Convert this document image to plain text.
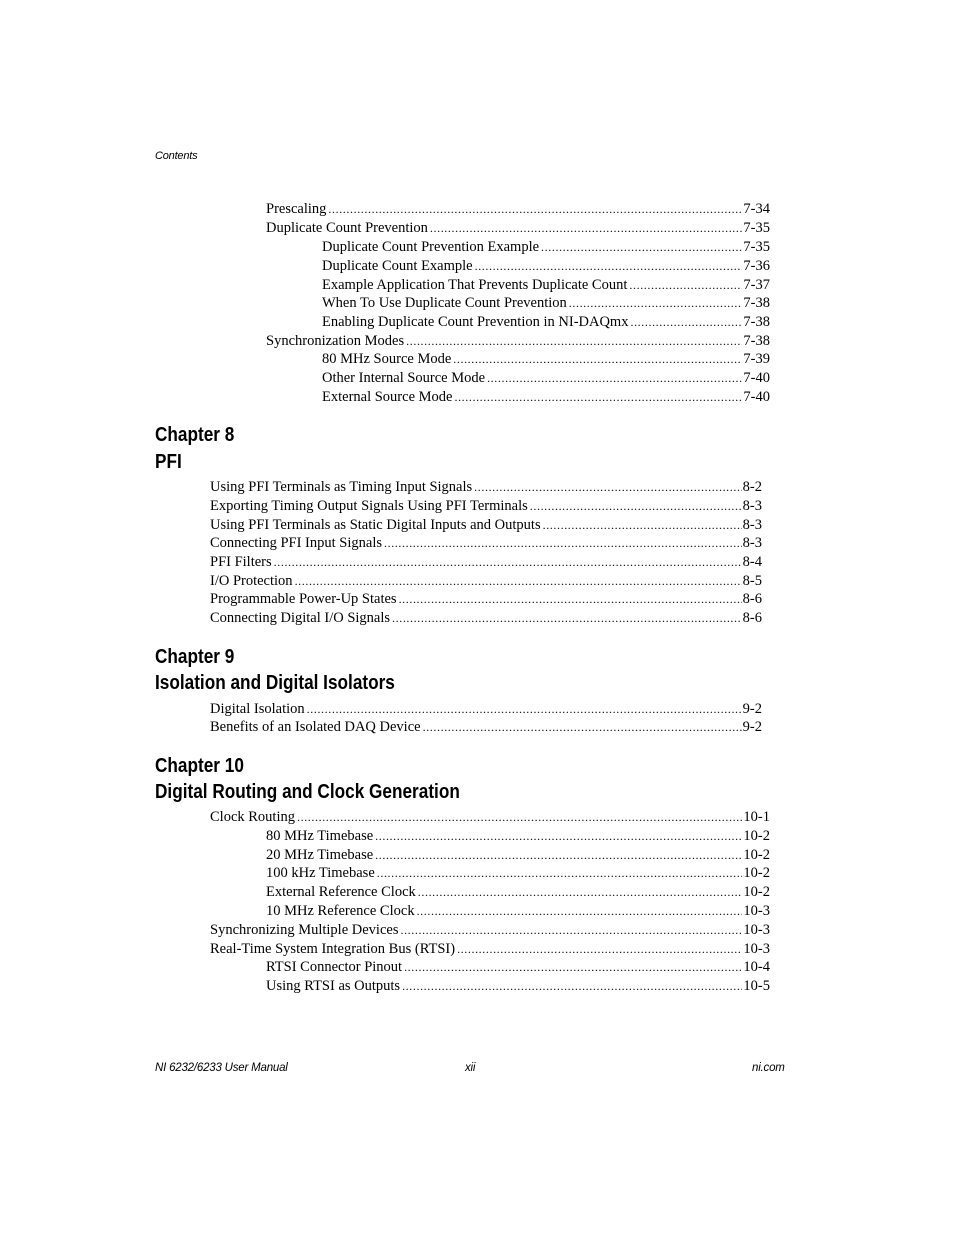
Contents
Prescaling .....	7-34
Duplicate Count Prevention .....	7-35
Duplicate Count Prevention Example .....	7-35
Duplicate Count Example .....	7-36
Example Application That Prevents Duplicate Count .....	7-37
When To Use Duplicate Count Prevention .....	7-38
Enabling Duplicate Count Prevention in NI-DAQmx .....	7-38
Synchronization Modes .....	7-38
80 MHz Source Mode .....	7-39
Other Internal Source Mode .....	7-40
External Source Mode .....	7-40
Chapter 8
PFI
Using PFI Terminals as Timing Input Signals .....	8-2
Exporting Timing Output Signals Using PFI Terminals .....	8-3
Using PFI Terminals as Static Digital Inputs and Outputs .....	8-3
Connecting PFI Input Signals .....	8-3
PFI Filters .....	8-4
I/O Protection .....	8-5
Programmable Power-Up States .....	8-6
Connecting Digital I/O Signals .....	8-6
Chapter 9
Isolation and Digital Isolators
Digital Isolation .....	9-2
Benefits of an Isolated DAQ Device .....	9-2
Chapter 10
Digital Routing and Clock Generation
Clock Routing .....	10-1
80 MHz Timebase .....	10-2
20 MHz Timebase .....	10-2
100 kHz Timebase .....	10-2
External Reference Clock .....	10-2
10 MHz Reference Clock .....	10-3
Synchronizing Multiple Devices .....	10-3
Real-Time System Integration Bus (RTSI) .....	10-3
RTSI Connector Pinout .....	10-4
Using RTSI as Outputs .....	10-5
NI 6232/6233 User Manual	xii	ni.com
